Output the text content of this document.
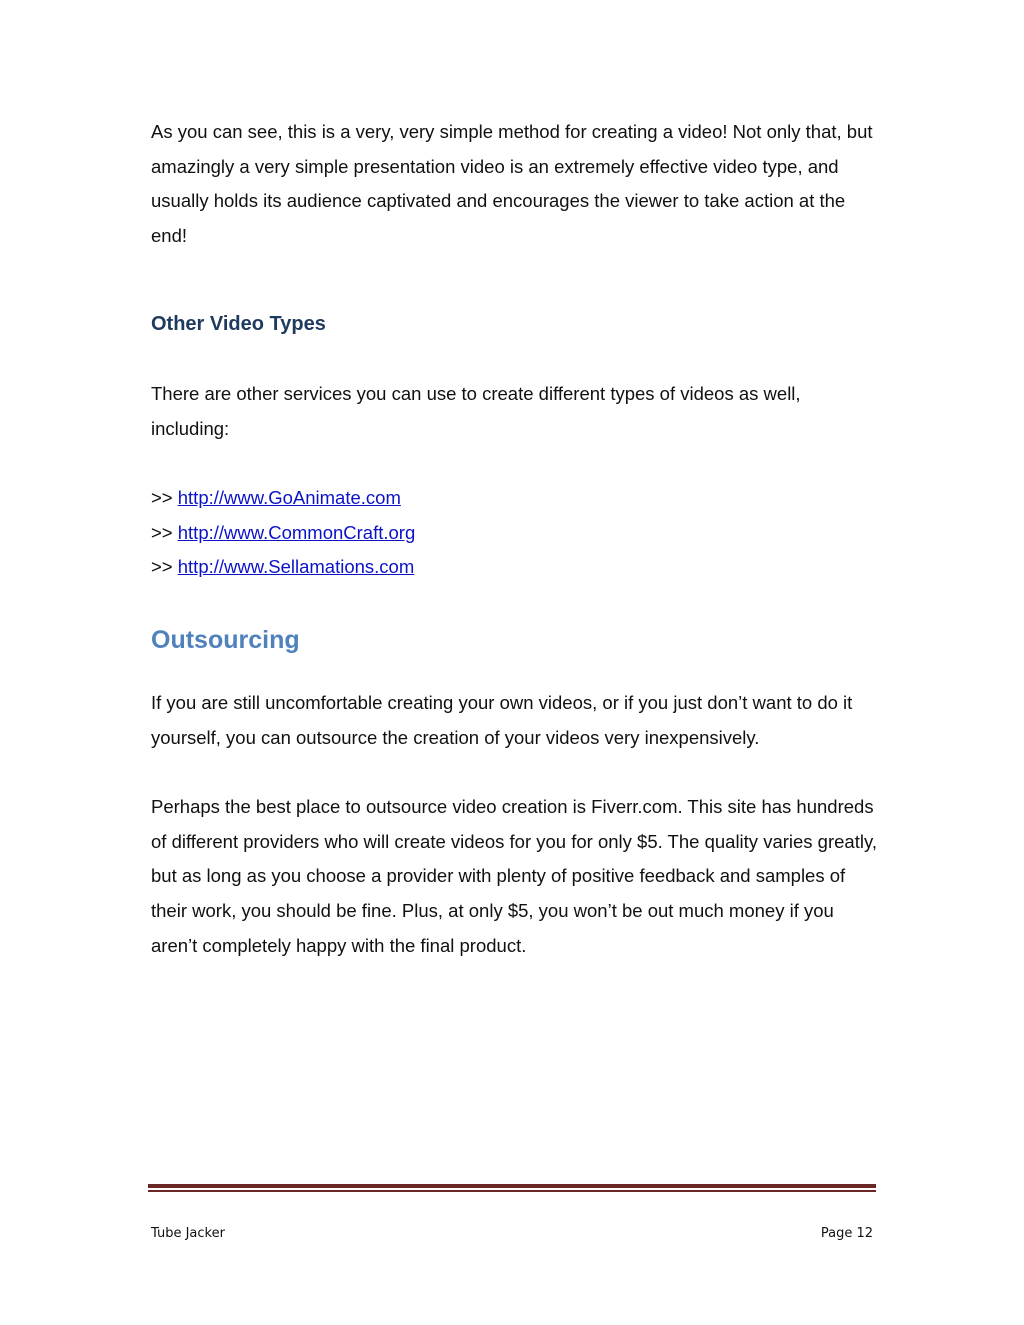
As you can see, this is a very, very simple method for creating a video! Not only that, but amazingly a very simple presentation video is an extremely effective video type, and usually holds its audience captivated and encourages the viewer to take action at the end!

Other Video Types

There are other services you can use to create different types of videos as well, including:

>> http://www.GoAnimate.com
>> http://www.CommonCraft.org
>> http://www.Sellamations.com
Outsourcing

If you are still uncomfortable creating your own videos, or if you just don’t want to do it yourself, you can outsource the creation of your videos very inexpensively.

Perhaps the best place to outsource video creation is Fiverr.com. This site has hundreds of different providers who will create videos for you for only $5. The quality varies greatly, but as long as you choose a provider with plenty of positive feedback and samples of their work, you should be fine. Plus, at only $5, you won’t be out much money if you aren’t completely happy with the final product.

Tube Jacker	Page 12
